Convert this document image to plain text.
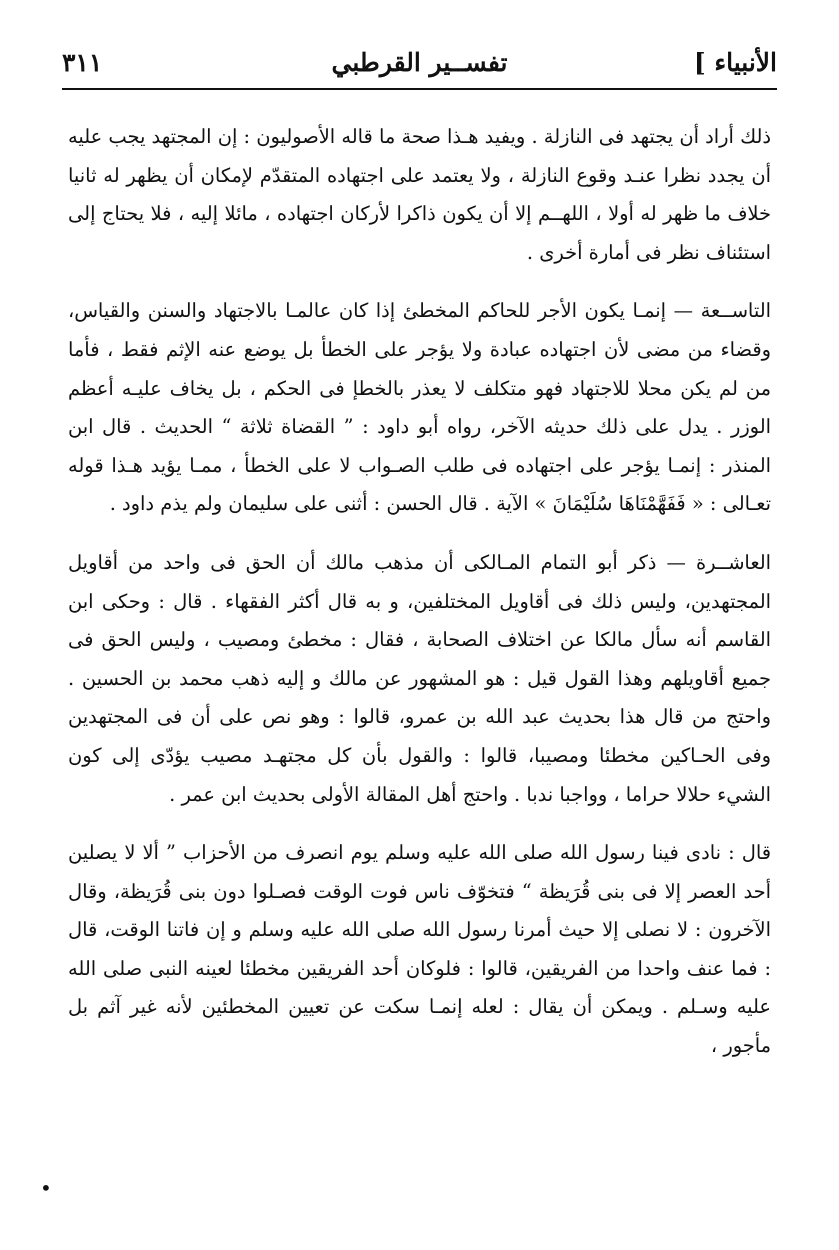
الأنبياء ]
تفســير القرطبي
٣١١

ذلك أراد أن يجتهد فى النازلة . ويفيد هـذا صحة ما قاله الأصوليون : إن المجتهد يجب عليه أن يجدد نظرا عنـد وقوع النازلة ، ولا يعتمد على اجتهاده المتقدّم لإمكان أن يظهر له ثانيا خلاف ما ظهر له أولا ، اللهــم إلا أن يكون ذاكرا لأركان اجتهاده ، مائلا إليه ، فلا يحتاج إلى استئناف نظر فى أمارة أخرى .

التاســعة — إنمـا يكون الأجر للحاكم المخطئ إذا كان عالمـا بالاجتهاد والسنن والقياس، وقضاء من مضى لأن اجتهاده عبادة ولا يؤجر على الخطأ بل يوضع عنه الإثم فقط ، فأما من لم يكن محلا للاجتهاد فهو متكلف لا يعذر بالخطإ فى الحكم ، بل يخاف عليـه أعظم الوزر . يدل على ذلك حديثه الآخر، رواه أبو داود : ” القضاة ثلاثة “ الحديث . قال ابن المنذر : إنمـا يؤجر على اجتهاده فى طلب الصـواب لا على الخطأ ، ممـا يؤيد هـذا قوله تعـالى : « فَفَهَّمْنَاهَا سُلَيْمَانَ » الآية . قال الحسن : أثنى على سليمان ولم يذم داود .

العاشــرة — ذكر أبو التمام المـالكى أن مذهب مالك أن الحق فى واحد من أقاويل المجتهدين، وليس ذلك فى أقاويل المختلفين، و به قال أكثر الفقهاء . قال : وحكى ابن القاسم أنه سأل مالكا عن اختلاف الصحابة ، فقال : مخطئ ومصيب ، وليس الحق فى جميع أقاويلهم وهذا القول قيل : هو المشهور عن مالك و إليه ذهب محمد بن الحسين . واحتج من قال هذا بحديث عبد الله بن عمرو، قالوا : وهو نص على أن فى المجتهدين وفى الحـاكين مخطئا ومصيبا، قالوا : والقول بأن كل مجتهـد مصيب يؤدّى إلى كون الشيء حلالا حراما ، وواجبا ندبا . واحتج أهل المقالة الأولى بحديث ابن عمر .

قال : نادى فينا رسول الله صلى الله عليه وسلم يوم انصرف من الأحزاب ” ألا لا يصلين أحد العصر إلا فى بنى قُرَيظة “ فتخوّف ناس فوت الوقت فصـلوا دون بنى قُرَيظة، وقال الآخرون : لا نصلى إلا حيث أمرنا رسول الله صلى الله عليه وسلم و إن فاتنا الوقت، قال : فما عنف واحدا من الفريقين، قالوا : فلوكان أحد الفريقين مخطئا لعينه النبى صلى الله عليه وسـلم . ويمكن أن يقال : لعله إنمـا سكت عن تعيين المخطئين لأنه غير آثم بل مأجور ،

•
